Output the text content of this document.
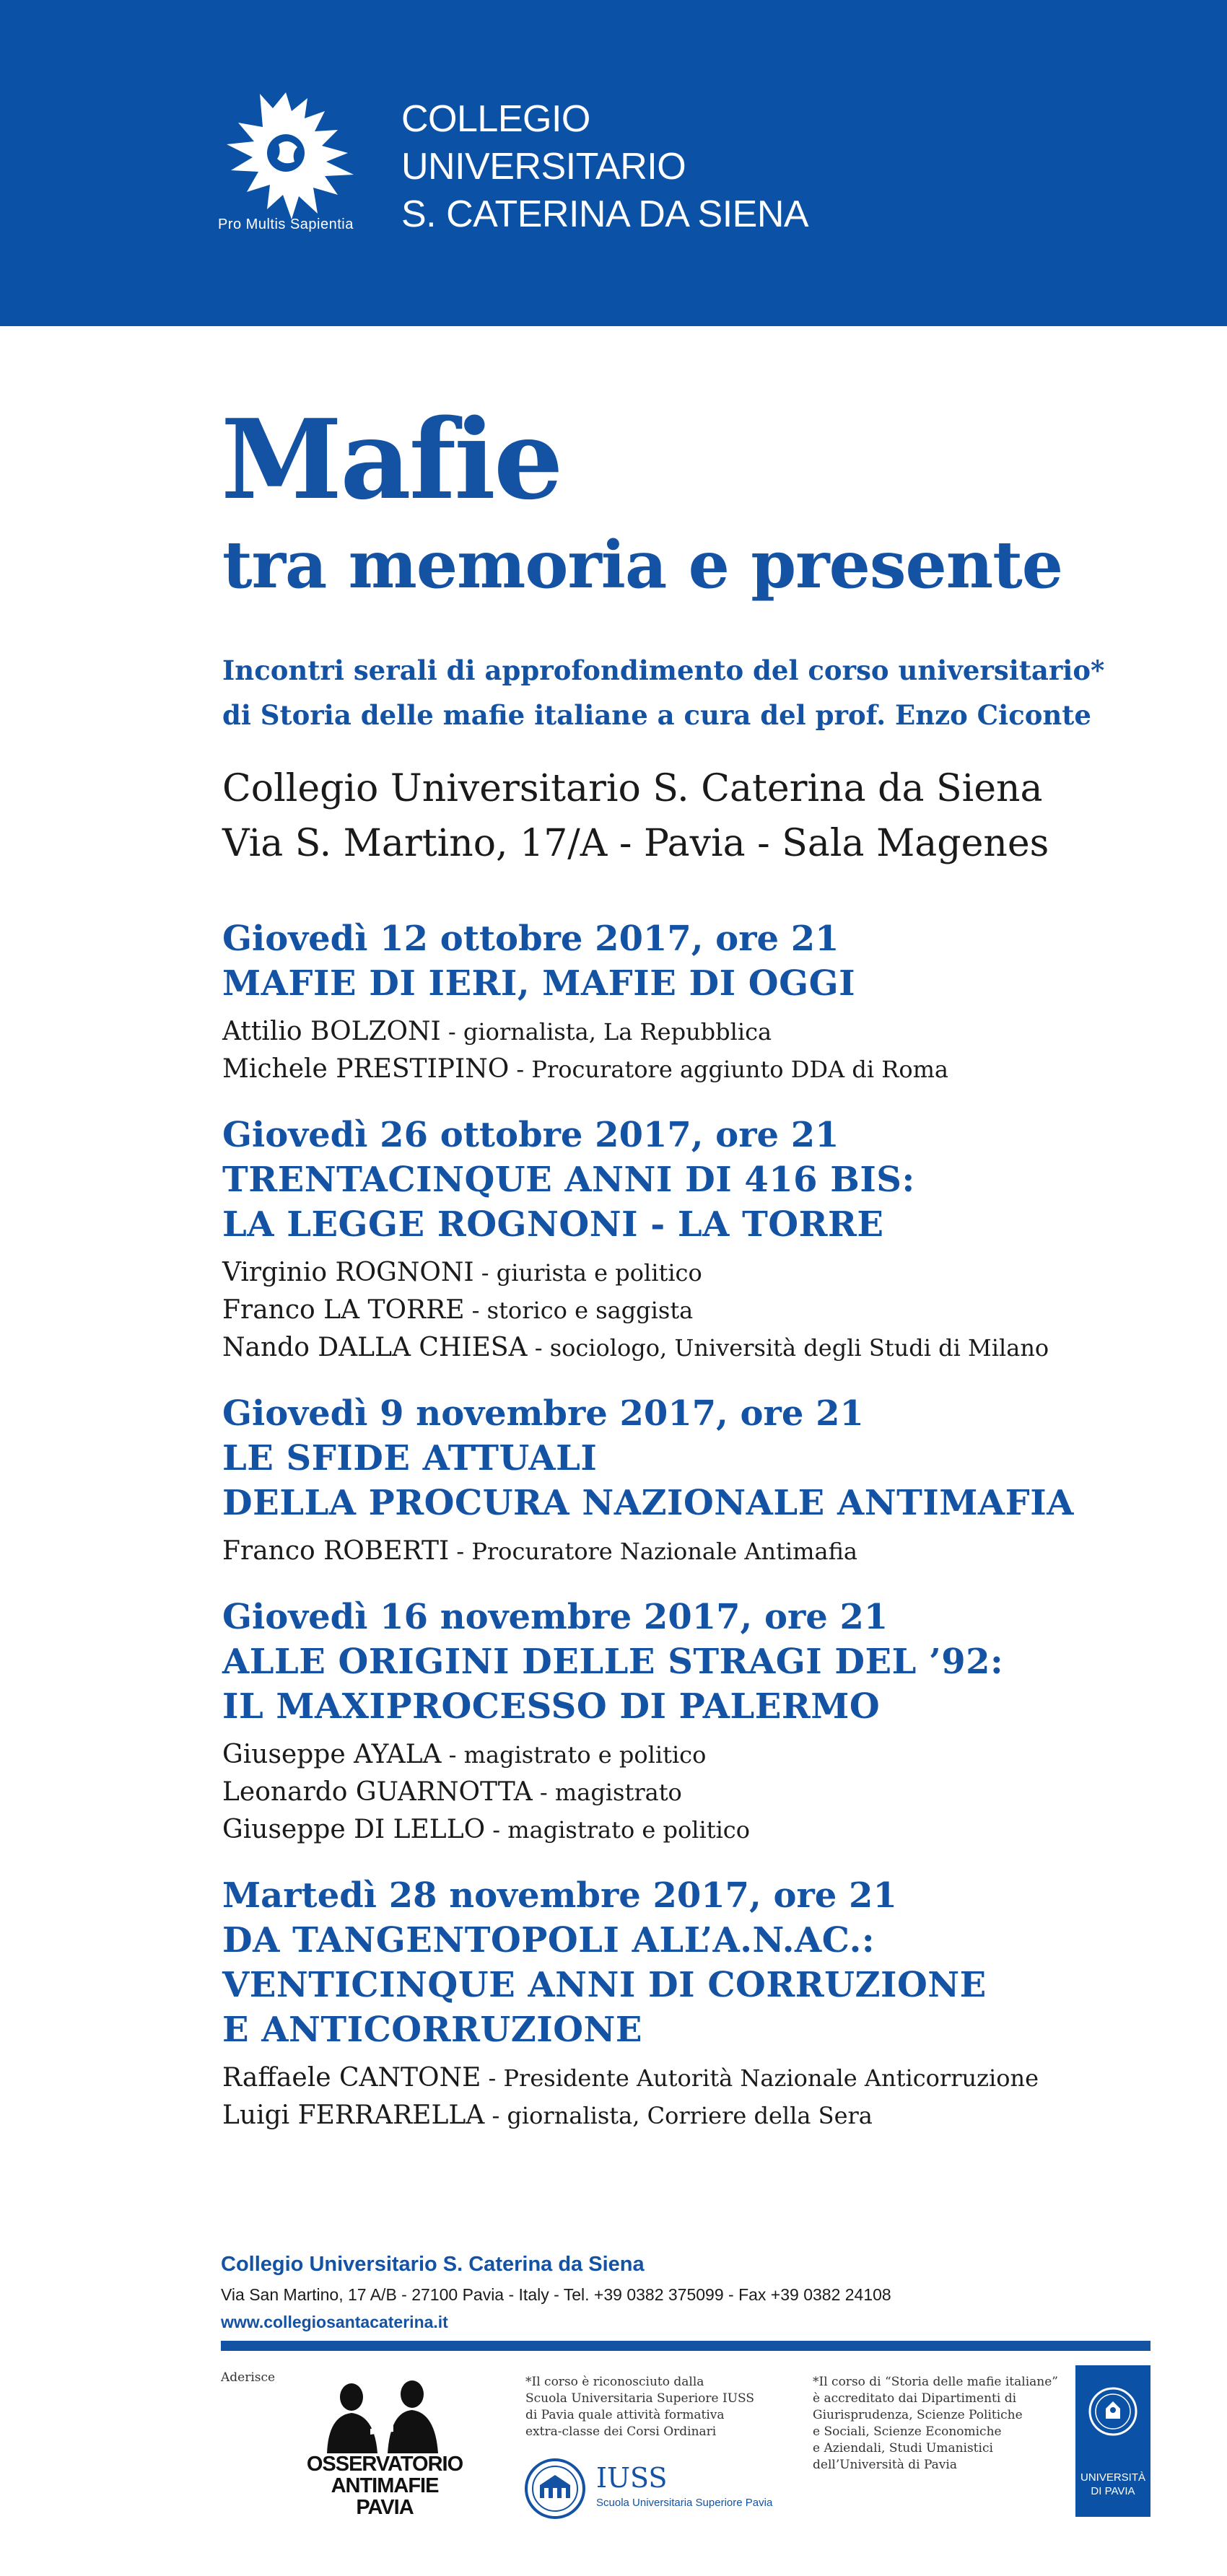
Pro Multis Sapientia
COLLEGIO
UNIVERSITARIO
S. CATERINA DA SIENA
Mafie
tra memoria e presente
Incontri serali di approfondimento del corso universitario*
di Storia delle mafie italiane a cura del prof. Enzo Ciconte
Collegio Universitario S. Caterina da Siena
Via S. Martino, 17/A - Pavia - Sala Magenes
Giovedì 12 ottobre 2017, ore 21
MAFIE DI IERI, MAFIE DI OGGI
Attilio BOLZONI - giornalista, La Repubblica
Michele PRESTIPINO - Procuratore aggiunto DDA di Roma
Giovedì 26 ottobre 2017, ore 21
TRENTACINQUE ANNI DI 416 BIS:
LA LEGGE ROGNONI - LA TORRE
Virginio ROGNONI - giurista e politico
Franco LA TORRE - storico e saggista
Nando DALLA CHIESA - sociologo, Università degli Studi di Milano
Giovedì 9 novembre 2017, ore 21
LE SFIDE ATTUALI
DELLA PROCURA NAZIONALE ANTIMAFIA
Franco ROBERTI - Procuratore Nazionale Antimafia
Giovedì 16 novembre 2017, ore 21
ALLE ORIGINI DELLE STRAGI DEL ’92:
IL MAXIPROCESSO DI PALERMO
Giuseppe AYALA - magistrato e politico
Leonardo GUARNOTTA - magistrato
Giuseppe DI LELLO - magistrato e politico
Martedì 28 novembre 2017, ore 21
DA TANGENTOPOLI ALL’A.N.AC.:
VENTICINQUE ANNI DI CORRUZIONE
E ANTICORRUZIONE
Raffaele CANTONE - Presidente Autorità Nazionale Anticorruzione
Luigi FERRARELLA - giornalista, Corriere della Sera
Collegio Universitario S. Caterina da Siena
Via San Martino, 17 A/B - 27100 Pavia - Italy - Tel. +39 0382 375099 - Fax +39 0382 24108
www.collegiosantacaterina.it
Aderisce
OSSERVATORIO
ANTIMAFIE PAVIA
*Il corso è riconosciuto dalla
Scuola Universitaria Superiore IUSS
di Pavia quale attività formativa
extra-classe dei Corsi Ordinari
IUSS
Scuola Universitaria Superiore Pavia
*Il corso di “Storia delle mafie italiane”
è accreditato dai Dipartimenti di
Giurisprudenza, Scienze Politiche
e Sociali, Scienze Economiche
e Aziendali, Studi Umanistici
dell’Università di Pavia
UNIVERSITÀ
DI PAVIA
